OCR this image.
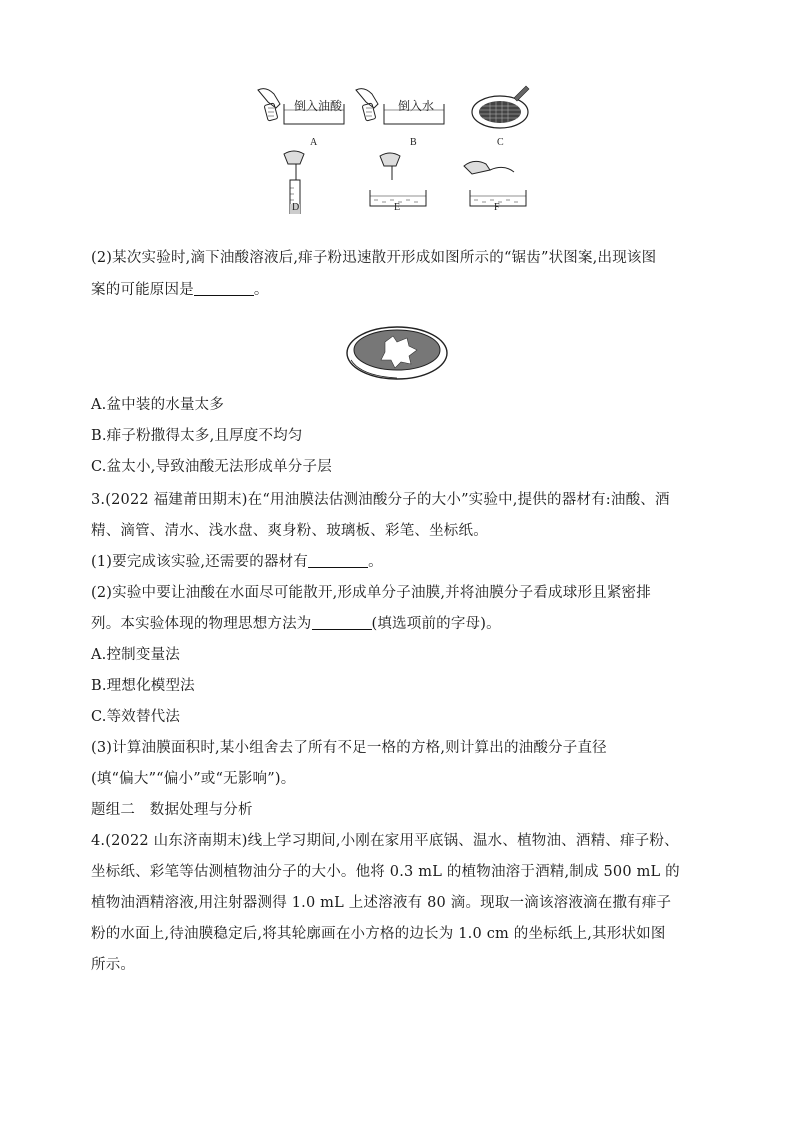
倒入油酸	倒入水
A	B	C
D	E	F
(2)某次实验时,滴下油酸溶液后,痱子粉迅速散开形成如图所示的“锯齿”状图案,出现该图
案的可能原因是	。
A.盆中装的水量太多
B.痱子粉撒得太多,且厚度不均匀
C.盆太小,导致油酸无法形成单分子层
3.(2022 福建莆田期末)在“用油膜法估测油酸分子的大小”实验中,提供的器材有:油酸、酒
精、滴管、清水、浅水盘、爽身粉、玻璃板、彩笔、坐标纸。
(1)要完成该实验,还需要的器材有	。
(2)实验中要让油酸在水面尽可能散开,形成单分子油膜,并将油膜分子看成球形且紧密排
列。本实验体现的物理思想方法为	(填选项前的字母)。
A.控制变量法
B.理想化模型法
C.等效替代法
(3)计算油膜面积时,某小组舍去了所有不足一格的方格,则计算出的油酸分子直径
(填“偏大”“偏小”或“无影响”)。
题组二　数据处理与分析
4.(2022 山东济南期末)线上学习期间,小刚在家用平底锅、温水、植物油、酒精、痱子粉、
坐标纸、彩笔等估测植物油分子的大小。他将 0.3 mL 的植物油溶于酒精,制成 500 mL 的
植物油酒精溶液,用注射器测得 1.0 mL 上述溶液有 80 滴。现取一滴该溶液滴在撒有痱子
粉的水面上,待油膜稳定后,将其轮廓画在小方格的边长为 1.0 cm 的坐标纸上,其形状如图
所示。
